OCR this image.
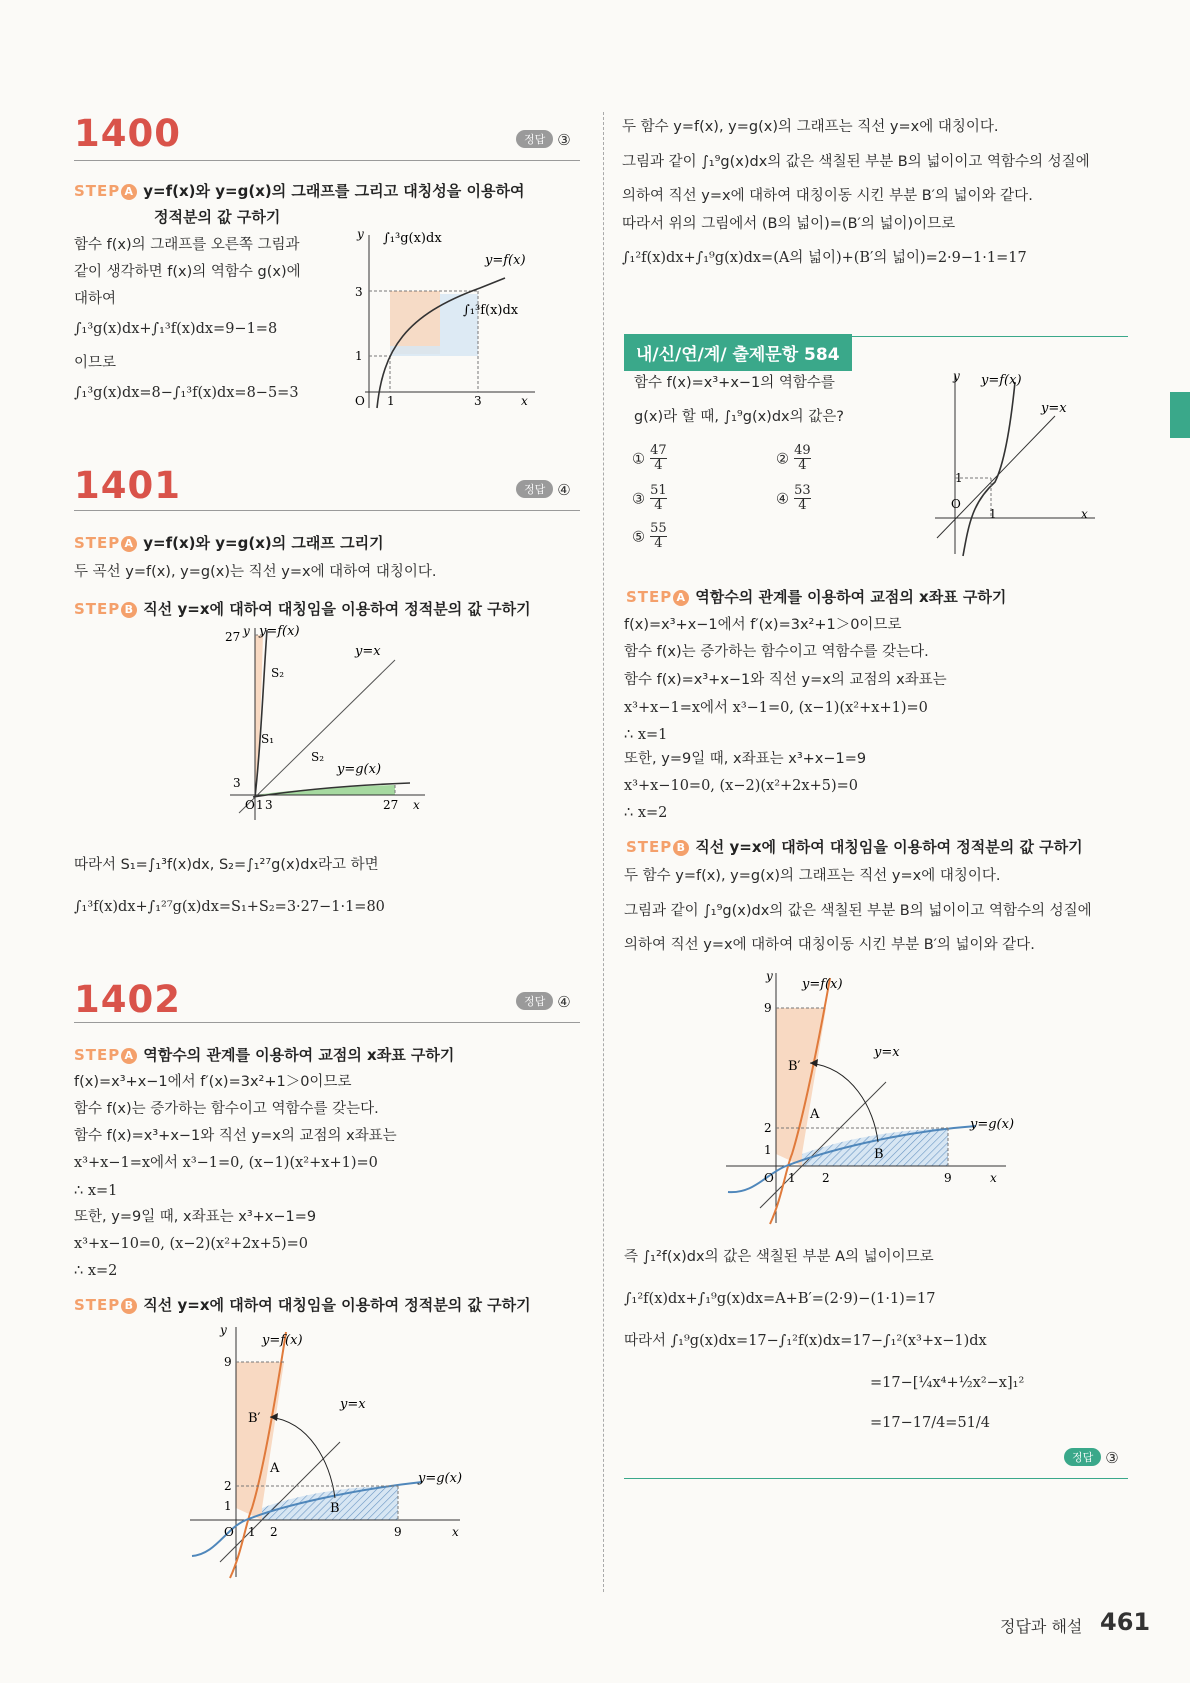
1400	정답 ③
STEP A y=f(x)와 y=g(x)의 그래프를 그리고 대칭성을 이용하여
정적분의 값 구하기
함수 f(x)의 그래프를 오른쪽 그림과
같이 생각하면 f(x)의 역함수 g(x)에
대하여
∫₁³g(x)dx+∫₁³f(x)dx=9−1=8
이므로
∫₁³g(x)dx=8−∫₁³f(x)dx=8−5=3
y ∫₁³g(x)dx
y=f(x)
∫₁³f(x)dx
3
1
O 1	3	x
1401	정답 ④
STEP A y=f(x)와 y=g(x)의 그래프 그리기
두 곡선 y=f(x), y=g(x)는 직선 y=x에 대하여 대칭이다.
STEP B 직선 y=x에 대하여 대칭임을 이용하여 정적분의 값 구하기
y y=f(x)
y=x
y=g(x)
S₂
S₁
S₂
27
3
O 1 3	27 x
따라서 S₁=∫₁³f(x)dx, S₂=∫₁²⁷g(x)dx라고 하면
∫₁³f(x)dx+∫₁²⁷g(x)dx=S₁+S₂=3·27−1·1=80
1402	정답 ④
STEP A 역함수의 관계를 이용하여 교점의 x좌표 구하기
f(x)=x³+x−1에서 f′(x)=3x²+1＞0이므로
함수 f(x)는 증가하는 함수이고 역함수를 갖는다.
함수 f(x)=x³+x−1와 직선 y=x의 교점의 x좌표는
x³+x−1=x에서 x³−1=0, (x−1)(x²+x+1)=0
∴ x=1
또한, y=9일 때, x좌표는 x³+x−1=9
x³+x−10=0, (x−2)(x²+2x+5)=0
∴ x=2
STEP B 직선 y=x에 대하여 대칭임을 이용하여 정적분의 값 구하기
y
y=f(x)
y=x
y=g(x)
B′
A
B
9
2
1
O 1 2	9	x
두 함수 y=f(x), y=g(x)의 그래프는 직선 y=x에 대칭이다.
그림과 같이 ∫₁⁹g(x)dx의 값은 색칠된 부분 B의 넓이이고 역함수의 성질에
의하여 직선 y=x에 대하여 대칭이동 시킨 부분 B′의 넓이와 같다.
따라서 위의 그림에서 (B의 넓이)=(B′의 넓이)이므로
∫₁²f(x)dx+∫₁⁹g(x)dx=(A의 넓이)+(B′의 넓이)=2·9−1·1=17
내/신/연/계/ 출제문항 584
함수 f(x)=x³+x−1의 역함수를
g(x)라 할 때, ∫₁⁹g(x)dx의 값은?
① $\frac{47}{4}$	② $\frac{49}{4}$
③ $\frac{51}{4}$	④ $\frac{53}{4}$
⑤ $\frac{55}{4}$
y y=f(x)
y=x
1
O
1	x
STEP A 역함수의 관계를 이용하여 교점의 x좌표 구하기
f(x)=x³+x−1에서 f′(x)=3x²+1＞0이므로
함수 f(x)는 증가하는 함수이고 역함수를 갖는다.
함수 f(x)=x³+x−1와 직선 y=x의 교점의 x좌표는
x³+x−1=x에서 x³−1=0, (x−1)(x²+x+1)=0
∴ x=1
또한, y=9일 때, x좌표는 x³+x−1=9
x³+x−10=0, (x−2)(x²+2x+5)=0
∴ x=2
STEP B 직선 y=x에 대하여 대칭임을 이용하여 정적분의 값 구하기
두 함수 y=f(x), y=g(x)의 그래프는 직선 y=x에 대칭이다.
그림과 같이 ∫₁⁹g(x)dx의 값은 색칠된 부분 B의 넓이이고 역함수의 성질에
의하여 직선 y=x에 대하여 대칭이동 시킨 부분 B′의 넓이와 같다.
y
y=f(x)
y=x
y=g(x)
B′
A
B
9
2
1
O 1 2	9	x
즉 ∫₁²f(x)dx의 값은 색칠된 부분 A의 넓이이므로
∫₁²f(x)dx+∫₁⁹g(x)dx=A+B′=(2·9)−(1·1)=17
따라서 ∫₁⁹g(x)dx=17−∫₁²f(x)dx=17−∫₁²(x³+x−1)dx
=17−[¼x⁴+½x²−x]₁²
=17−17/4=51/4
정답 ③
정답과 해설 461
